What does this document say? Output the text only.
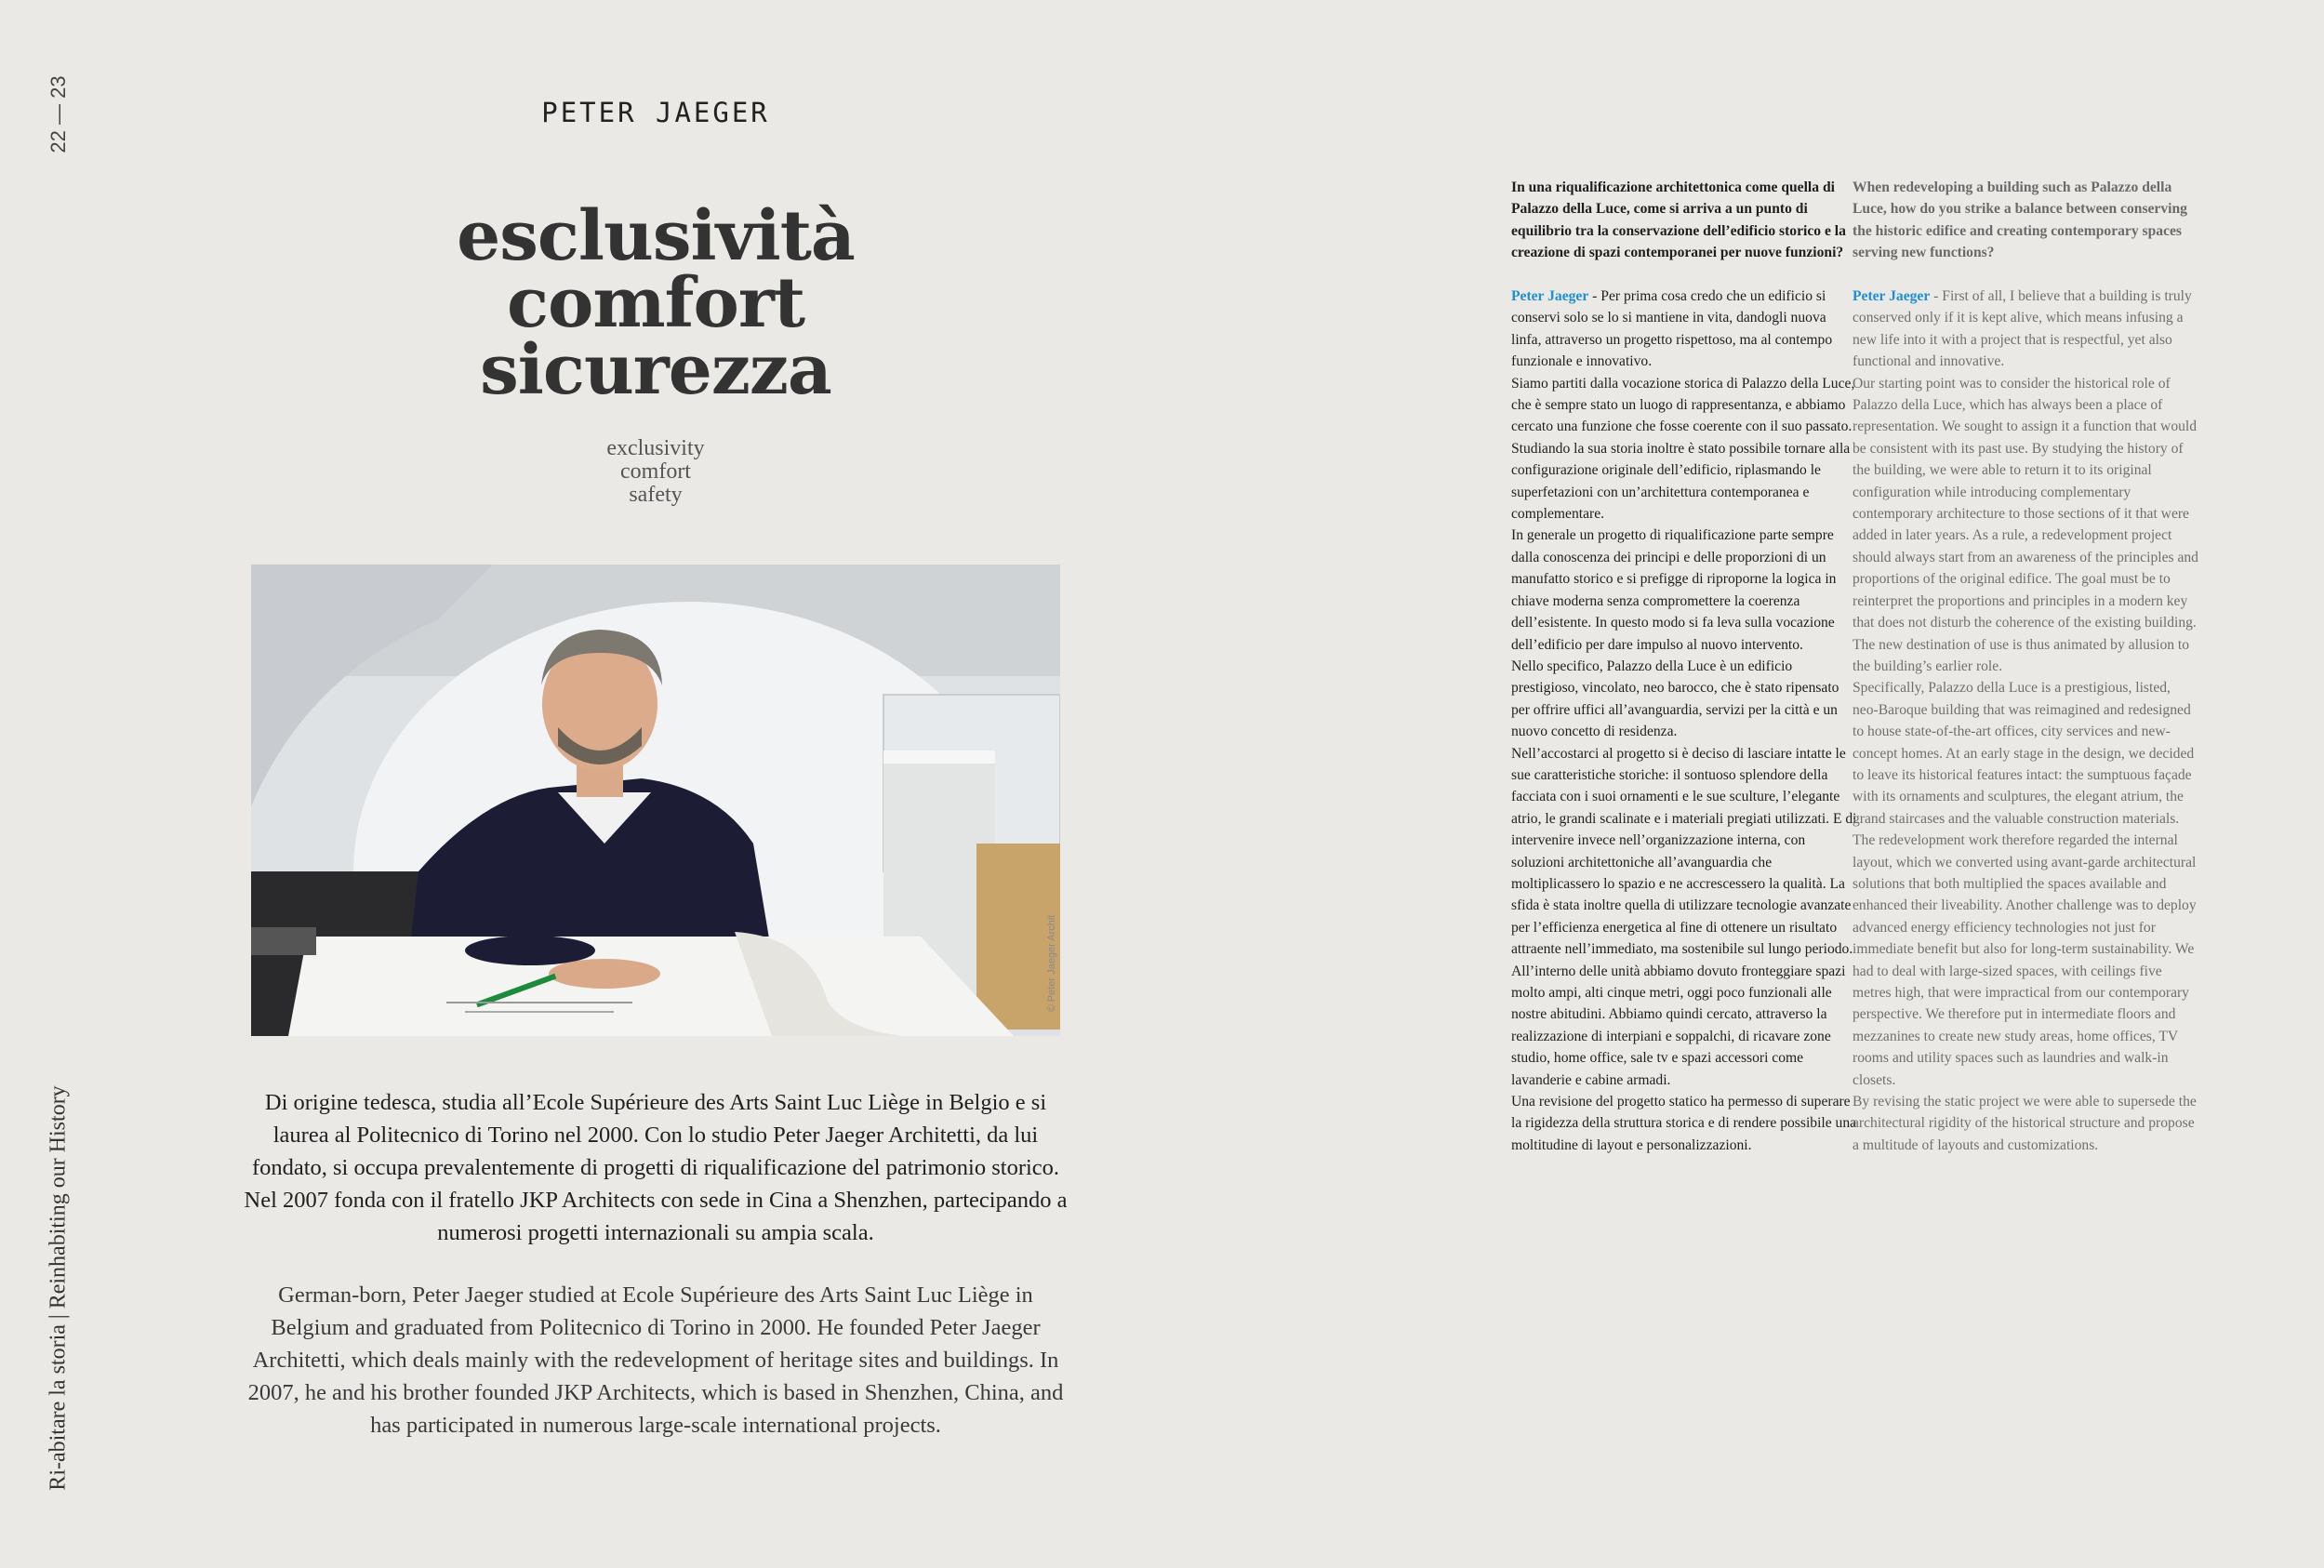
22 — 23
Ri-abitare la storia | Reinhabiting our History
PETER JAEGER
esclusività
comfort
sicurezza
exclusivity
comfort
safety
© Peter Jaeger Archit
Di origine tedesca, studia all’Ecole Supérieure des Arts Saint Luc Liège in Belgio e si laurea al Politecnico di Torino nel 2000. Con lo studio Peter Jaeger Architetti, da lui fondato, si occupa prevalentemente di progetti di riqualificazione del patrimonio storico. Nel 2007 fonda con il fratello JKP Architects con sede in Cina a Shenzhen, partecipando a numerosi progetti internazionali su ampia scala.
German-born, Peter Jaeger studied at Ecole Supérieure des Arts Saint Luc Liège in Belgium and graduated from Politecnico di Torino in 2000. He founded Peter Jaeger Architetti, which deals mainly with the redevelopment of heritage sites and buildings. In 2007, he and his brother founded JKP Architects, which is based in Shenzhen, China, and has participated in numerous large-scale international projects.

In una riqualificazione architettonica come quella di Palazzo della Luce, come si arriva a un punto di equilibrio tra la conservazione dell’edificio storico e la creazione di spazi contemporanei per nuove funzioni?

Peter Jaeger - Per prima cosa credo che un edificio si conservi solo se lo si mantiene in vita, dandogli nuova linfa, attraverso un progetto rispettoso, ma al contempo funzionale e innovativo.

Siamo partiti dalla vocazione storica di Palazzo della Luce, che è sempre stato un luogo di rappresentanza, e abbiamo cercato una funzione che fosse coerente con il suo passato. Studiando la sua storia inoltre è stato possibile tornare alla configurazione originale dell’edificio, riplasmando le superfetazioni con un’architettura contemporanea e complementare.

In generale un progetto di riqualificazione parte sempre dalla conoscenza dei principi e delle proporzioni di un manufatto storico e si prefigge di riproporne la logica in chiave moderna senza compromettere la coerenza dell’esistente. In questo modo si fa leva sulla vocazione dell’edificio per dare impulso al nuovo intervento.

Nello specifico, Palazzo della Luce è un edificio prestigioso, vincolato, neo barocco, che è stato ripensato per offrire uffici all’avanguardia, servizi per la città e un nuovo concetto di residenza.

Nell’accostarci al progetto si è deciso di lasciare intatte le sue caratteristiche storiche: il sontuoso splendore della facciata con i suoi ornamenti e le sue sculture, l’elegante atrio, le grandi scalinate e i materiali pregiati utilizzati. E di intervenire invece nell’organizzazione interna, con soluzioni architettoniche all’avanguardia che moltiplicassero lo spazio e ne accrescessero la qualità. La sfida è stata inoltre quella di utilizzare tecnologie avanzate per l’efficienza energetica al fine di ottenere un risultato attraente nell’immediato, ma sostenibile sul lungo periodo.

All’interno delle unità abbiamo dovuto fronteggiare spazi molto ampi, alti cinque metri, oggi poco funzionali alle nostre abitudini. Abbiamo quindi cercato, attraverso la realizzazione di interpiani e soppalchi, di ricavare zone studio, home office, sale tv e spazi accessori come lavanderie e cabine armadi.

Una revisione del progetto statico ha permesso di superare la rigidezza della struttura storica e di rendere possibile una moltitudine di layout e personalizzazioni.

When redeveloping a building such as Palazzo della Luce, how do you strike a balance between conserving the historic edifice and creating contemporary spaces serving new functions?

Peter Jaeger - First of all, I believe that a building is truly conserved only if it is kept alive, which means infusing a new life into it with a project that is respectful, yet also functional and innovative.

Our starting point was to consider the historical role of Palazzo della Luce, which has always been a place of representation. We sought to assign it a function that would be consistent with its past use. By studying the history of the building, we were able to return it to its original configuration while introducing complementary contemporary architecture to those sections of it that were added in later years. As a rule, a redevelopment project should always start from an awareness of the principles and proportions of the original edifice. The goal must be to reinterpret the proportions and principles in a modern key that does not disturb the coherence of the existing building. The new destination of use is thus animated by allusion to the building’s earlier role.

Specifically, Palazzo della Luce is a prestigious, listed, neo-Baroque building that was reimagined and redesigned to house state-of-the-art offices, city services and new-concept homes. At an early stage in the design, we decided to leave its historical features intact: the sumptuous façade with its ornaments and sculptures, the elegant atrium, the grand staircases and the valuable construction materials. The redevelopment work therefore regarded the internal layout, which we converted using avant-garde architectural solutions that both multiplied the spaces available and enhanced their liveability. Another challenge was to deploy advanced energy efficiency technologies not just for immediate benefit but also for long-term sustainability. We had to deal with large-sized spaces, with ceilings five metres high, that were impractical from our contemporary perspective. We therefore put in intermediate floors and mezzanines to create new study areas, home offices, TV rooms and utility spaces such as laundries and walk-in closets.

By revising the static project we were able to supersede the architectural rigidity of the historical structure and propose a multitude of layouts and customizations.
